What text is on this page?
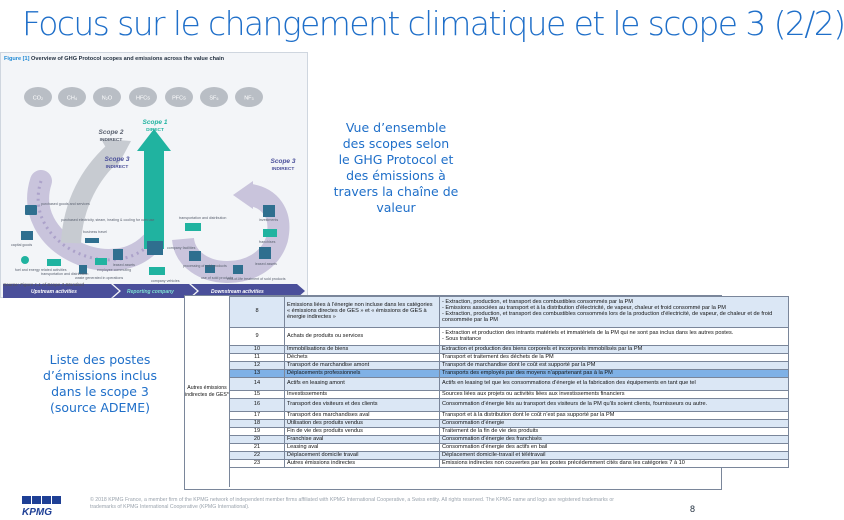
Focus sur le changement climatique et le scope 3 (2/2)
CO₂	CH₄	N₂O	HFCs	PFCs	SF₆	NF₃
Scope 2
INDIRECT
Scope 1
DIRECT
Scope 3
INDIRECT
Scope 3
INDIRECT
purchased goods and services
capital goods
fuel and energy related activities
transportation and distribution
waste generated in operations
business travel
employee commuting
leased assets
purchased electricity, steam, heating & cooling for own use
company facilities
company vehicles
transportation and distribution
processing of sold products
use of sold products
end-of-life treatment of sold products
leased assets
franchises
investments
Upstream activities	Reporting company	Downstream activities
Figure [1] Overview of GHG Protocol scopes and emissions across the value chain
Source: Figure 1.1 of Scope 3 Standard
Vue d’ensemble
des scopes selon
le GHG Protocol et
des émissions à
travers la chaîne de
valeur
Liste des postes
d’émissions inclus
dans le scope 3
(source ADEME)
Autres émissions indirectes de GES*
8	Emissions liées à l’énergie non incluse dans les catégories « émissions directes de GES » et « émissions de GES à énergie indirectes »	- Extraction, production, et transport des combustibles consommés par la PM
- Emissions associées au transport et à la distribution d’électricité, de vapeur, chaleur et froid consommé par la PM
- Extraction, production, et transport des combustibles consommés lors de la production d’électricité, de vapeur, de chaleur et de froid consommée par la PM

9	Achats de produits ou services	- Extraction et production des intrants matériels et immatériels de la PM qui ne sont pas inclus dans les autres postes.
- Sous traitance

10	Immobilisations de biens	Extraction et production des biens corporels et incorporels immobilisés par la PM

11	Déchets	Transport et traitement des déchets de la PM

12	Transport de marchandise amont	Transport de marchandise dont le coût est supporté par la PM

13	Déplacements professionnels	Transports des employés par des moyens n’appartenant pas à la PM

14	Actifs en leasing amont	Actifs en leasing tel que les consommations d’énergie et la fabrication des équipements en tant que tel

15	Investissements	Sources liées aux projets ou activités liées aux investissements financiers

16	Transport des visiteurs et des clients	Consommation d’énergie liés au transport des visiteurs de la PM qu’ils soient clients, fournisseurs ou autre.

17	Transport des marchandises aval	Transport et à la distribution dont le coût n’est pas supporté par la PM

18	Utilisation des produits vendus	Consommation d’énergie

19	Fin de vie des produits vendus	Traitement de la fin de vie des produits

20	Franchise aval	Consommation d’énergie des franchisés

21	Leasing aval	Consommation d’énergie des actifs en bail

22	Déplacement domicile travail	Déplacement domicile-travail et télétravail

23	Autres émissions indirectes	Emissions indirectes non couvertes par les postes précédemment cités dans les catégories 7 à 10
KPMG
© 2018 KPMG France, a member firm of the KPMG network of independent member firms affiliated with KPMG International Cooperative, a Swiss entity. All rights reserved. The KPMG name and logo are registered trademarks or trademarks of KPMG International Cooperative (KPMG International).	8
